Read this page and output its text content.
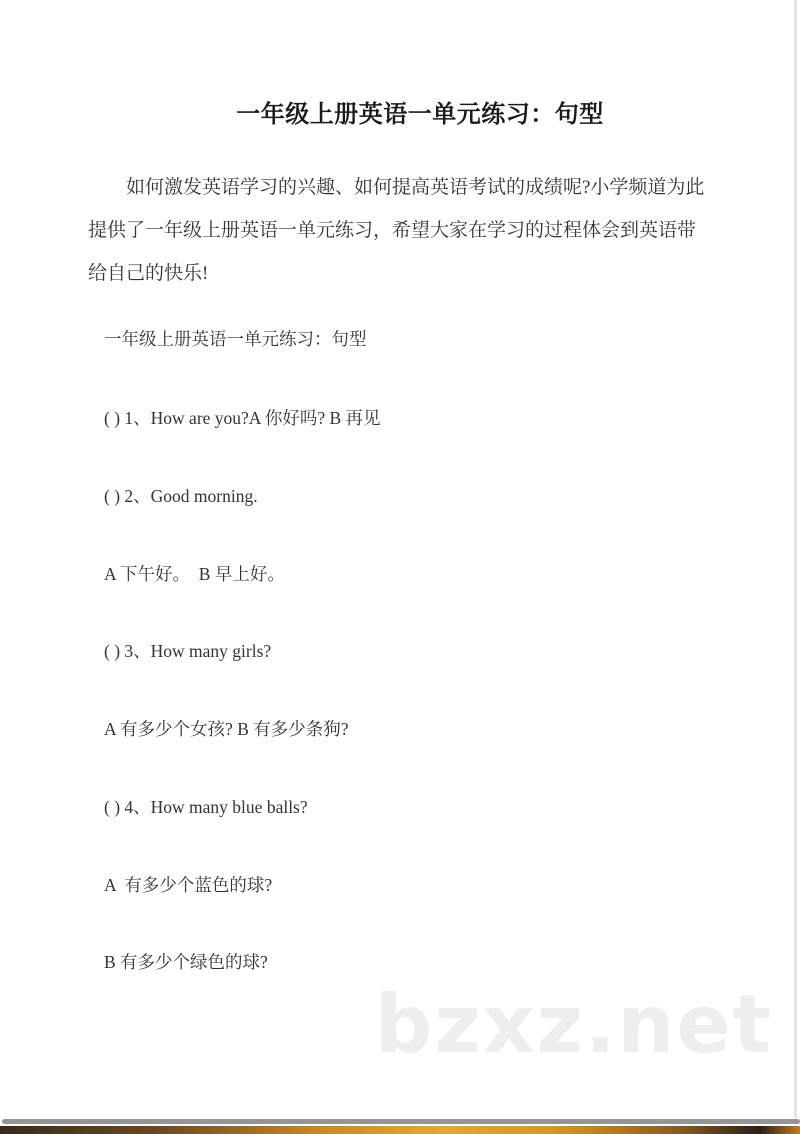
一年级上册英语一单元练习：句型
如何激发英语学习的兴趣、如何提高英语考试的成绩呢?小学频道为此提供了一年级上册英语一单元练习，希望大家在学习的过程体会到英语带给自己的快乐!
一年级上册英语一单元练习：句型
( ) 1、How are you?A 你好吗? B 再见
( ) 2、Good morning.
A 下午好。  B 早上好。
( ) 3、How many girls?
A 有多少个女孩? B 有多少条狗?
( ) 4、How many blue balls?
A  有多少个蓝色的球?
B 有多少个绿色的球?
bzxz.net
